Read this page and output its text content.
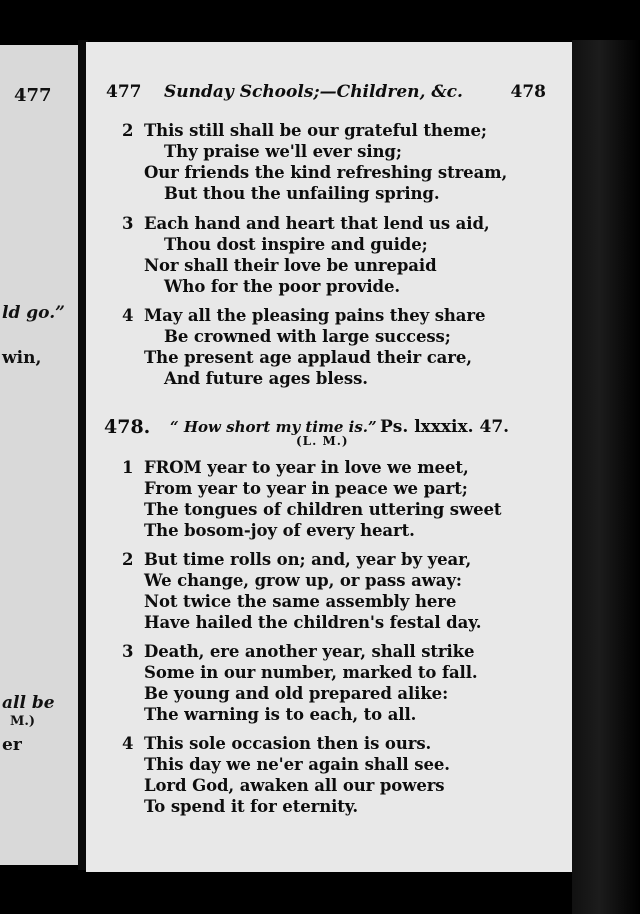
477
ld go.”
win,
all be
M.)
er
477 Sunday Schools;—Children, &c.	478
2 This still shall be our grateful theme;
Thy praise we'll ever sing;
Our friends the kind refreshing stream,
But thou the unfailing spring.
3 Each hand and heart that lend us aid,
Thou dost inspire and guide;
Nor shall their love be unrepaid
Who for the poor provide.
4 May all the pleasing pains they share
Be crowned with large success;
The present age applaud their care,
And future ages bless.
478. “ How short my time is.” Ps. lxxxix. 47.
(L. M.)
1 FROM year to year in love we meet,
From year to year in peace we part;
The tongues of children uttering sweet
The bosom-joy of every heart.
2 But time rolls on; and, year by year,
We change, grow up, or pass away:
Not twice the same assembly here
Have hailed the children's festal day.
3 Death, ere another year, shall strike
Some in our number, marked to fall.
Be young and old prepared alike:
The warning is to each, to all.
4 This sole occasion then is ours.
This day we ne'er again shall see.
Lord God, awaken all our powers
To spend it for eternity.
